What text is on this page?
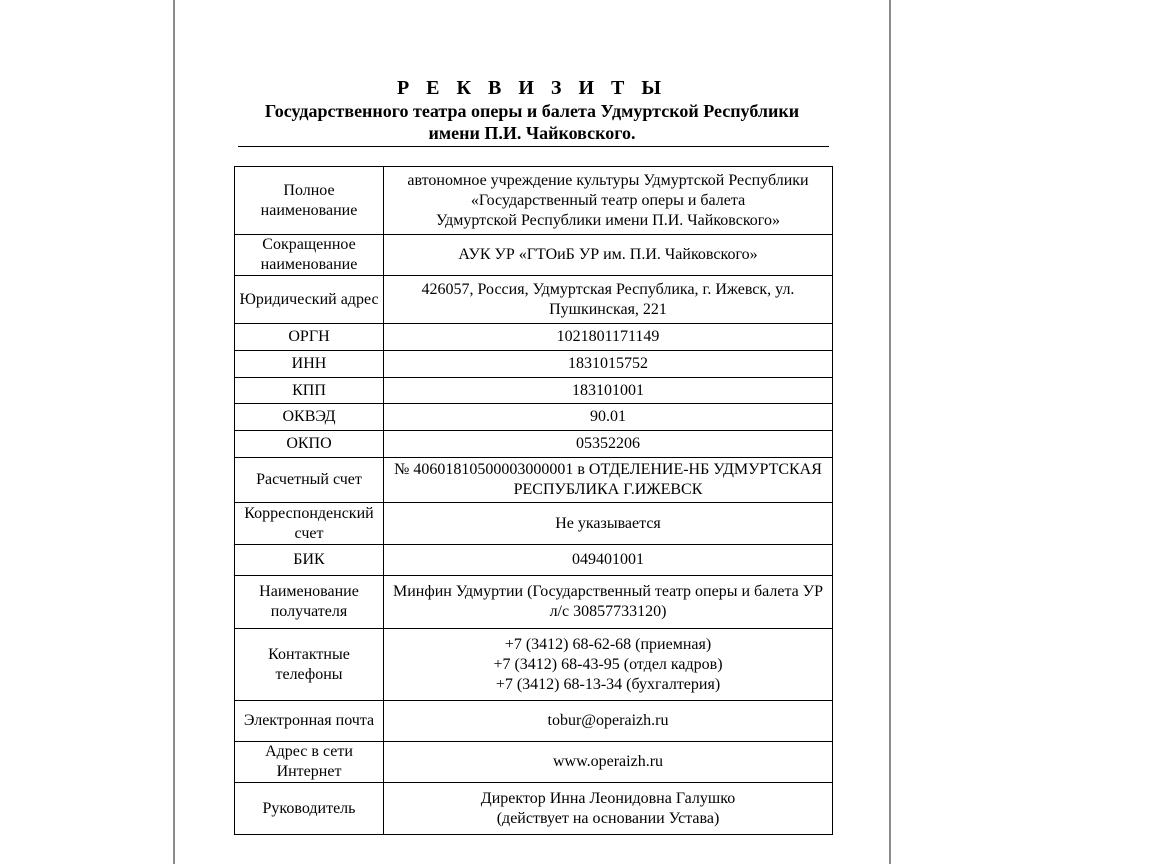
Р Е К В И З И Т Ы
Государственного театра оперы и балета Удмуртской Республики
имени П.И. Чайковского.
Полное наименование	автономное учреждение культуры Удмуртской Республики
«Государственный театр оперы и балета
Удмуртской Республики имени П.И. Чайковского»
Сокращенное наименование	АУК УР «ГТОиБ УР им. П.И. Чайковского»
Юридический адрес	426057, Россия, Удмуртская Республика, г. Ижевск, ул. Пушкинская, 221
ОРГН	1021801171149
ИНН	1831015752
КПП	183101001
ОКВЭД	90.01
ОКПО	05352206
Расчетный счет	№ 40601810500003000001 в ОТДЕЛЕНИЕ-НБ УДМУРТСКАЯ РЕСПУБЛИКА Г.ИЖЕВСК
Корреспонденский счет	Не указывается
БИК	049401001
Наименование получателя	Минфин Удмуртии (Государственный театр оперы и балета УР л/с 30857733120)
Контактные телефоны	+7 (3412) 68-62-68 (приемная)
+7 (3412) 68-43-95 (отдел кадров)
+7 (3412) 68-13-34 (бухгалтерия)
Электронная почта	tobur@operaizh.ru
Адрес в сети Интернет	www.operaizh.ru
Руководитель	Директор Инна Леонидовна Галушко
(действует на основании Устава)
